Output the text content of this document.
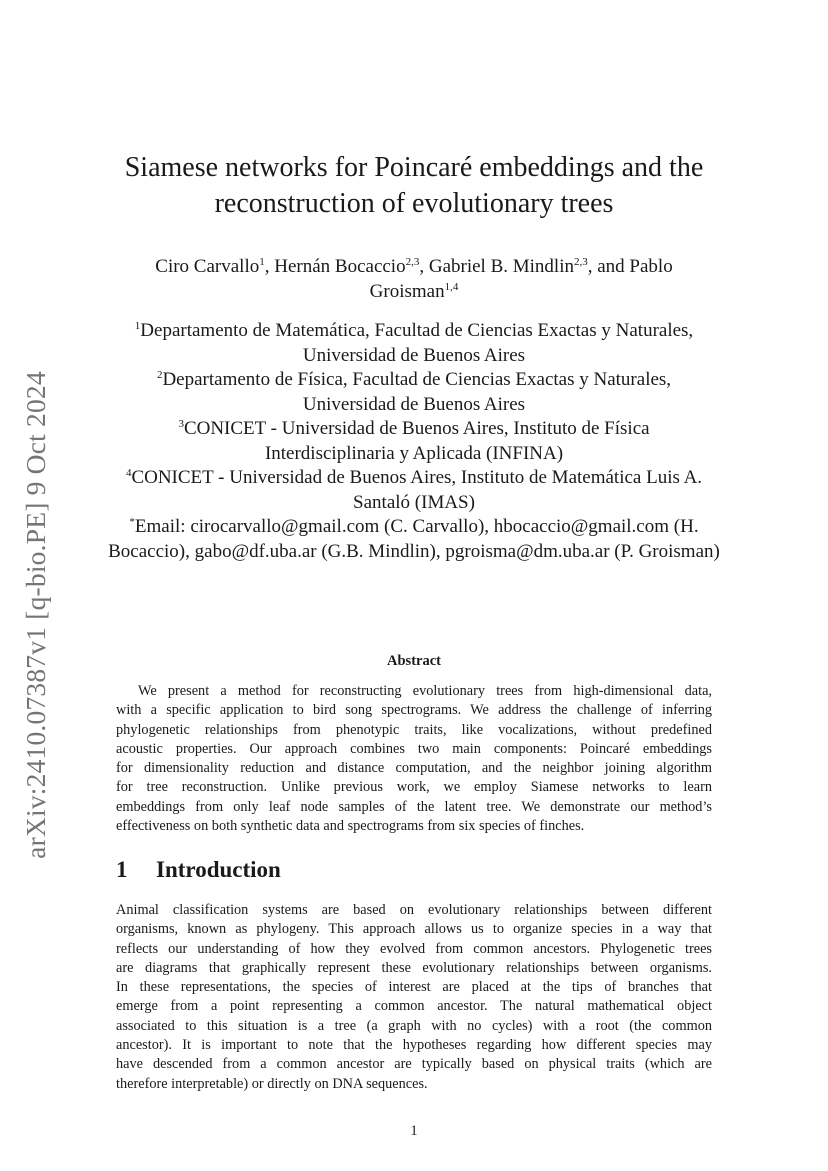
arXiv:2410.07387v1 [q-bio.PE] 9 Oct 2024
Siamese networks for Poincaré embeddings and the
reconstruction of evolutionary trees
Ciro Carvallo$^1$, Hernán Bocaccio$^{2,3}$, Gabriel B. Mindlin$^{2,3}$, and Pablo
Groisman$^{1,4}$
$^1$Departamento de Matemática, Facultad de Ciencias Exactas y Naturales,
Universidad de Buenos Aires
$^2$Departamento de Física, Facultad de Ciencias Exactas y Naturales,
Universidad de Buenos Aires
$^3$CONICET - Universidad de Buenos Aires, Instituto de Física
Interdisciplinaria y Aplicada (INFINA)
$^4$CONICET - Universidad de Buenos Aires, Instituto de Matemática Luis A.
Santaló (IMAS)
*Email: cirocarvallo@gmail.com (C. Carvallo), hbocaccio@gmail.com (H.
Bocaccio), gabo@df.uba.ar (G.B. Mindlin), pgroisma@dm.uba.ar (P. Groisman)
Abstract
We present a method for reconstructing evolutionary trees from high-dimensional data,
with a specific application to bird song spectrograms. We address the challenge of inferring
phylogenetic relationships from phenotypic traits, like vocalizations, without predefined
acoustic properties. Our approach combines two main components: Poincaré embeddings
for dimensionality reduction and distance computation, and the neighbor joining algorithm
for tree reconstruction. Unlike previous work, we employ Siamese networks to learn
embeddings from only leaf node samples of the latent tree. We demonstrate our method’s
effectiveness on both synthetic data and spectrograms from six species of finches.
1 Introduction
Animal classification systems are based on evolutionary relationships between different
organisms, known as phylogeny. This approach allows us to organize species in a way that
reflects our understanding of how they evolved from common ancestors. Phylogenetic trees
are diagrams that graphically represent these evolutionary relationships between organisms.
In these representations, the species of interest are placed at the tips of branches that
emerge from a point representing a common ancestor. The natural mathematical object
associated to this situation is a tree (a graph with no cycles) with a root (the common
ancestor). It is important to note that the hypotheses regarding how different species may
have descended from a common ancestor are typically based on physical traits (which are
therefore interpretable) or directly on DNA sequences.
1
